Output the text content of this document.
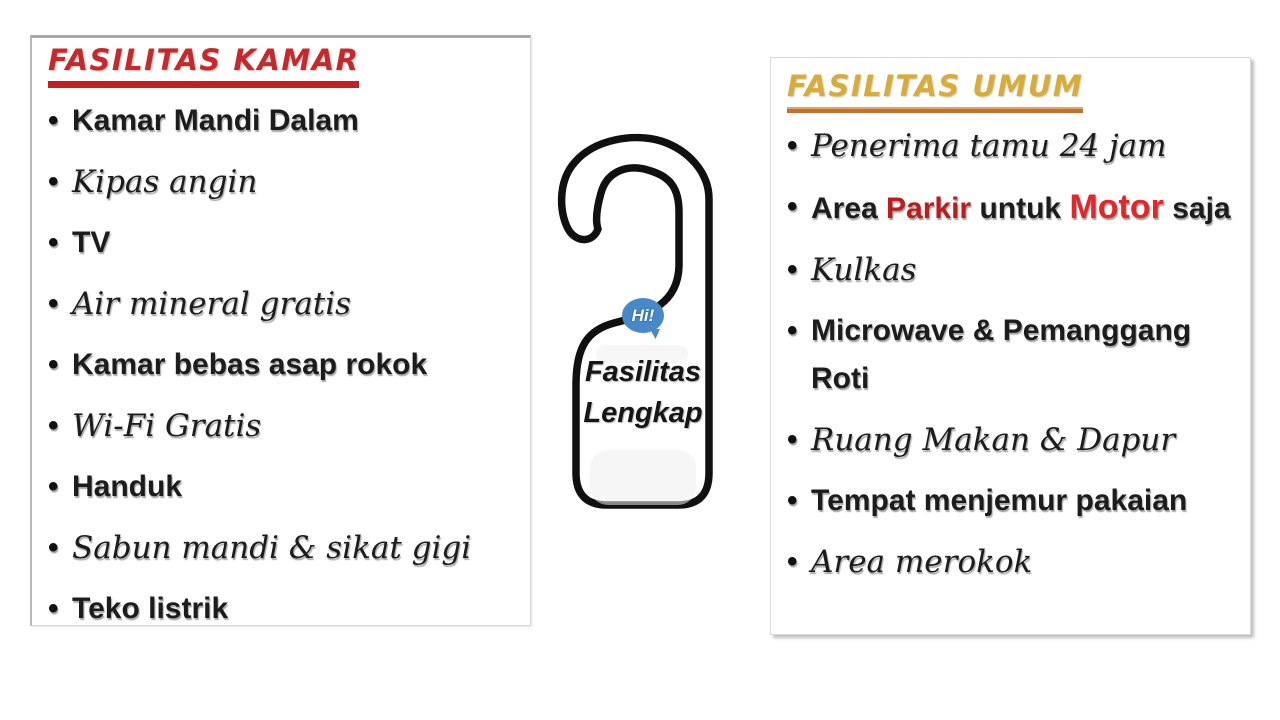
FASILITAS KAMAR
• Kamar Mandi Dalam
• Kipas angin
• TV
• Air mineral gratis
• Kamar bebas asap rokok
• Wi-Fi Gratis
• Handuk
• Sabun mandi & sikat gigi
• Teko listrik
Hi!
Fasilitas
Lengkap
FASILITAS UMUM
• Penerima tamu 24 jam
• Area Parkir untuk Motor saja
• Kulkas
• Microwave & Pemanggang Roti
• Ruang Makan & Dapur
• Tempat menjemur pakaian
• Area merokok
